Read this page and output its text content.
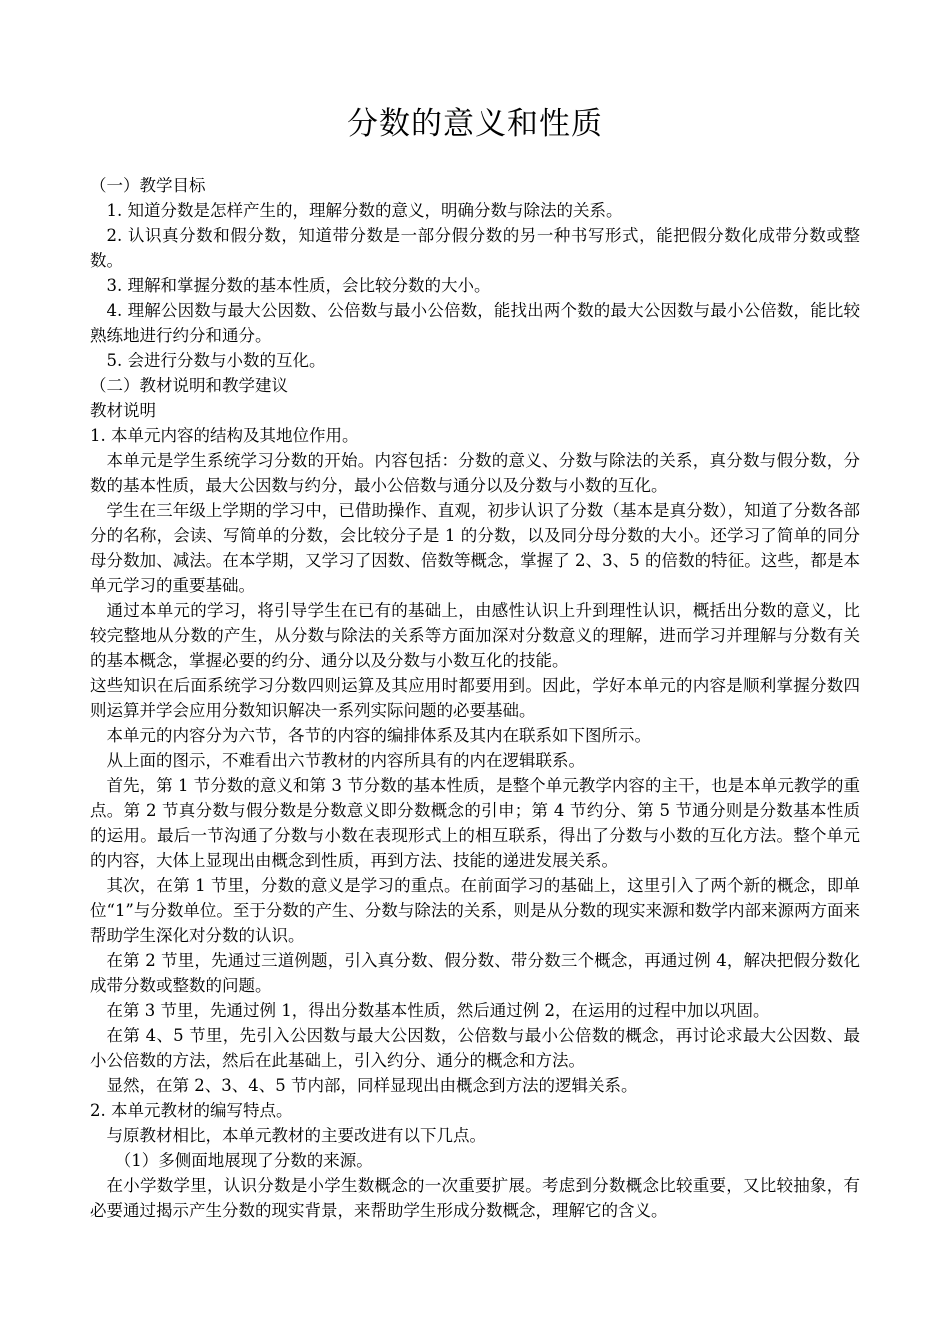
分数的意义和性质

（一）教学目标

1. 知道分数是怎样产生的，理解分数的意义，明确分数与除法的关系。

2. 认识真分数和假分数，知道带分数是一部分假分数的另一种书写形式，能把假分数化成带分数或整数。

3. 理解和掌握分数的基本性质，会比较分数的大小。

4. 理解公因数与最大公因数、公倍数与最小公倍数，能找出两个数的最大公因数与最小公倍数，能比较熟练地进行约分和通分。

5. 会进行分数与小数的互化。

（二）教材说明和教学建议

教材说明

1. 本单元内容的结构及其地位作用。

本单元是学生系统学习分数的开始。内容包括：分数的意义、分数与除法的关系，真分数与假分数，分数的基本性质，最大公因数与约分，最小公倍数与通分以及分数与小数的互化。

学生在三年级上学期的学习中，已借助操作、直观，初步认识了分数（基本是真分数），知道了分数各部分的名称，会读、写简单的分数，会比较分子是 1 的分数，以及同分母分数的大小。还学习了简单的同分母分数加、减法。在本学期，又学习了因数、倍数等概念，掌握了 2、3、5 的倍数的特征。这些，都是本单元学习的重要基础。

通过本单元的学习，将引导学生在已有的基础上，由感性认识上升到理性认识，概括出分数的意义，比较完整地从分数的产生，从分数与除法的关系等方面加深对分数意义的理解，进而学习并理解与分数有关的基本概念，掌握必要的约分、通分以及分数与小数互化的技能。

这些知识在后面系统学习分数四则运算及其应用时都要用到。因此，学好本单元的内容是顺利掌握分数四则运算并学会应用分数知识解决一系列实际问题的必要基础。

本单元的内容分为六节，各节的内容的编排体系及其内在联系如下图所示。

从上面的图示，不难看出六节教材的内容所具有的内在逻辑联系。

首先，第 1 节分数的意义和第 3 节分数的基本性质，是整个单元教学内容的主干，也是本单元教学的重点。第 2 节真分数与假分数是分数意义即分数概念的引申；第 4 节约分、第 5 节通分则是分数基本性质的运用。最后一节沟通了分数与小数在表现形式上的相互联系，得出了分数与小数的互化方法。整个单元的内容，大体上显现出由概念到性质，再到方法、技能的递进发展关系。

其次，在第 1 节里，分数的意义是学习的重点。在前面学习的基础上，这里引入了两个新的概念，即单位“1”与分数单位。至于分数的产生、分数与除法的关系，则是从分数的现实来源和数学内部来源两方面来帮助学生深化对分数的认识。

在第 2 节里，先通过三道例题，引入真分数、假分数、带分数三个概念，再通过例 4，解决把假分数化成带分数或整数的问题。

在第 3 节里，先通过例 1，得出分数基本性质，然后通过例 2，在运用的过程中加以巩固。

在第 4、5 节里，先引入公因数与最大公因数，公倍数与最小公倍数的概念，再讨论求最大公因数、最小公倍数的方法，然后在此基础上，引入约分、通分的概念和方法。

显然，在第 2、3、4、5 节内部，同样显现出由概念到方法的逻辑关系。

2. 本单元教材的编写特点。

与原教材相比，本单元教材的主要改进有以下几点。

（1）多侧面地展现了分数的来源。

在小学数学里，认识分数是小学生数概念的一次重要扩展。考虑到分数概念比较重要，又比较抽象，有必要通过揭示产生分数的现实背景，来帮助学生形成分数概念，理解它的含义。
